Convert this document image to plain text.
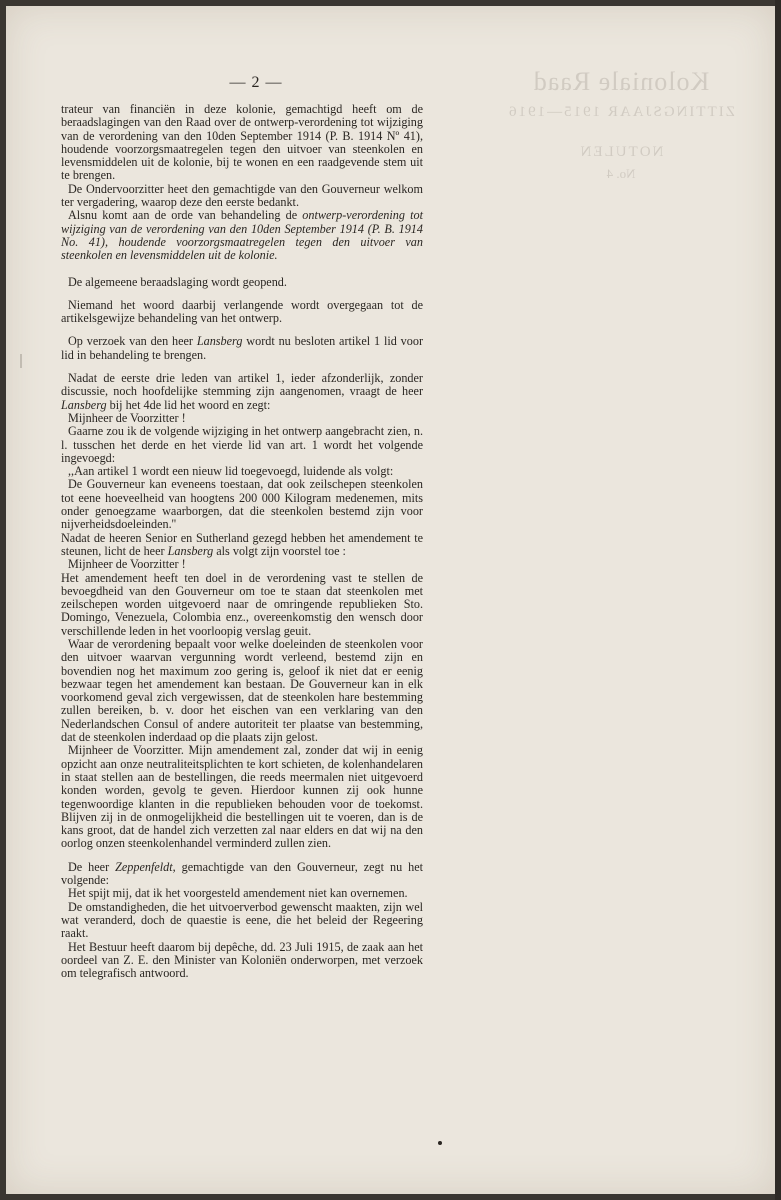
Koloniale Raad
ZITTINGSJAAR 1915—1916
NOTULEN
No. 4
— 2 —

trateur van financiën in deze kolonie, gemachtigd heeft om de beraadslagingen van den Raad over de ontwerp-verordening tot wijziging van de verordening van den 10den September 1914 (P. B. 1914 Nº 41), houdende voorzorgsmaatregelen tegen den uitvoer van steenkolen en levensmiddelen uit de kolonie, bij te wonen en een raadgevende stem uit te brengen.

De Ondervoorzitter heet den gemachtigde van den Gouverneur welkom ter vergadering, waarop deze den eerste bedankt.

Alsnu komt aan de orde van behandeling de ontwerp-verordening tot wijziging van de verordening van den 10den September 1914 (P. B. 1914 No. 41), houdende voorzorgsmaatregelen tegen den uitvoer van steenkolen en levensmiddelen uit de kolonie.

De algemeene beraadslaging wordt geopend.

Niemand het woord daarbij verlangende wordt overgegaan tot de artikelsgewijze behandeling van het ontwerp.

Op verzoek van den heer Lansberg wordt nu besloten artikel 1 lid voor lid in behandeling te brengen.

Nadat de eerste drie leden van artikel 1, ieder afzonderlijk, zonder discussie, noch hoofdelijke stemming zijn aangenomen, vraagt de heer Lansberg bij het 4de lid het woord en zegt:

Mijnheer de Voorzitter !

Gaarne zou ik de volgende wijziging in het ontwerp aangebracht zien, n. l. tusschen het derde en het vierde lid van art. 1 wordt het volgende ingevoegd:

,,Aan artikel 1 wordt een nieuw lid toegevoegd, luidende als volgt:

De Gouverneur kan eveneens toestaan, dat ook zeilschepen steenkolen tot eene hoeveelheid van hoogtens 200 000 Kilogram medenemen, mits onder genoegzame waarborgen, dat die steenkolen bestemd zijn voor nijverheidsdoeleinden.''

Nadat de heeren Senior en Sutherland gezegd hebben het amendement te steunen, licht de heer Lansberg als volgt zijn voorstel toe :

Mijnheer de Voorzitter !

Het amendement heeft ten doel in de verordening vast te stellen de bevoegdheid van den Gouverneur om toe te staan dat steenkolen met zeilschepen worden uitgevoerd naar de omringende republieken Sto. Domingo, Venezuela, Colombia enz., overeenkomstig den wensch door verschillende leden in het voorloopig verslag geuit.

Waar de verordening bepaalt voor welke doeleinden de steenkolen voor den uitvoer waarvan vergunning wordt verleend, bestemd zijn en bovendien nog het maximum zoo gering is, geloof ik niet dat er eenig bezwaar tegen het amendement kan bestaan. De Gouverneur kan in elk voorkomend geval zich vergewissen, dat de steenkolen hare bestemming zullen bereiken, b. v. door het eischen van een verklaring van den Nederlandschen Consul of andere autoriteit ter plaatse van bestemming, dat de steenkolen inderdaad op die plaats zijn gelost.

Mijnheer de Voorzitter. Mijn amendement zal, zonder dat wij in eenig opzicht aan onze neutraliteitsplichten te kort schieten, de kolenhandelaren in staat stellen aan de bestellingen, die reeds meermalen niet uitgevoerd konden worden, gevolg te geven. Hierdoor kunnen zij ook hunne tegenwoordige klanten in die republieken behouden voor de toekomst. Blijven zij in de onmogelijkheid die bestellingen uit te voeren, dan is de kans groot, dat de handel zich verzetten zal naar elders en dat wij na den oorlog onzen steenkolenhandel verminderd zullen zien.

De heer Zeppenfeldt, gemachtigde van den Gouverneur, zegt nu het volgende:

Het spijt mij, dat ik het voorgesteld amendement niet kan overnemen.

De omstandigheden, die het uitvoerverbod gewenscht maakten, zijn wel wat veranderd, doch de quaestie is eene, die het beleid der Regeering raakt.

Het Bestuur heeft daarom bij depêche, dd. 23 Juli 1915, de zaak aan het oordeel van Z. E. den Minister van Koloniën onderworpen, met verzoek om telegrafisch antwoord.
